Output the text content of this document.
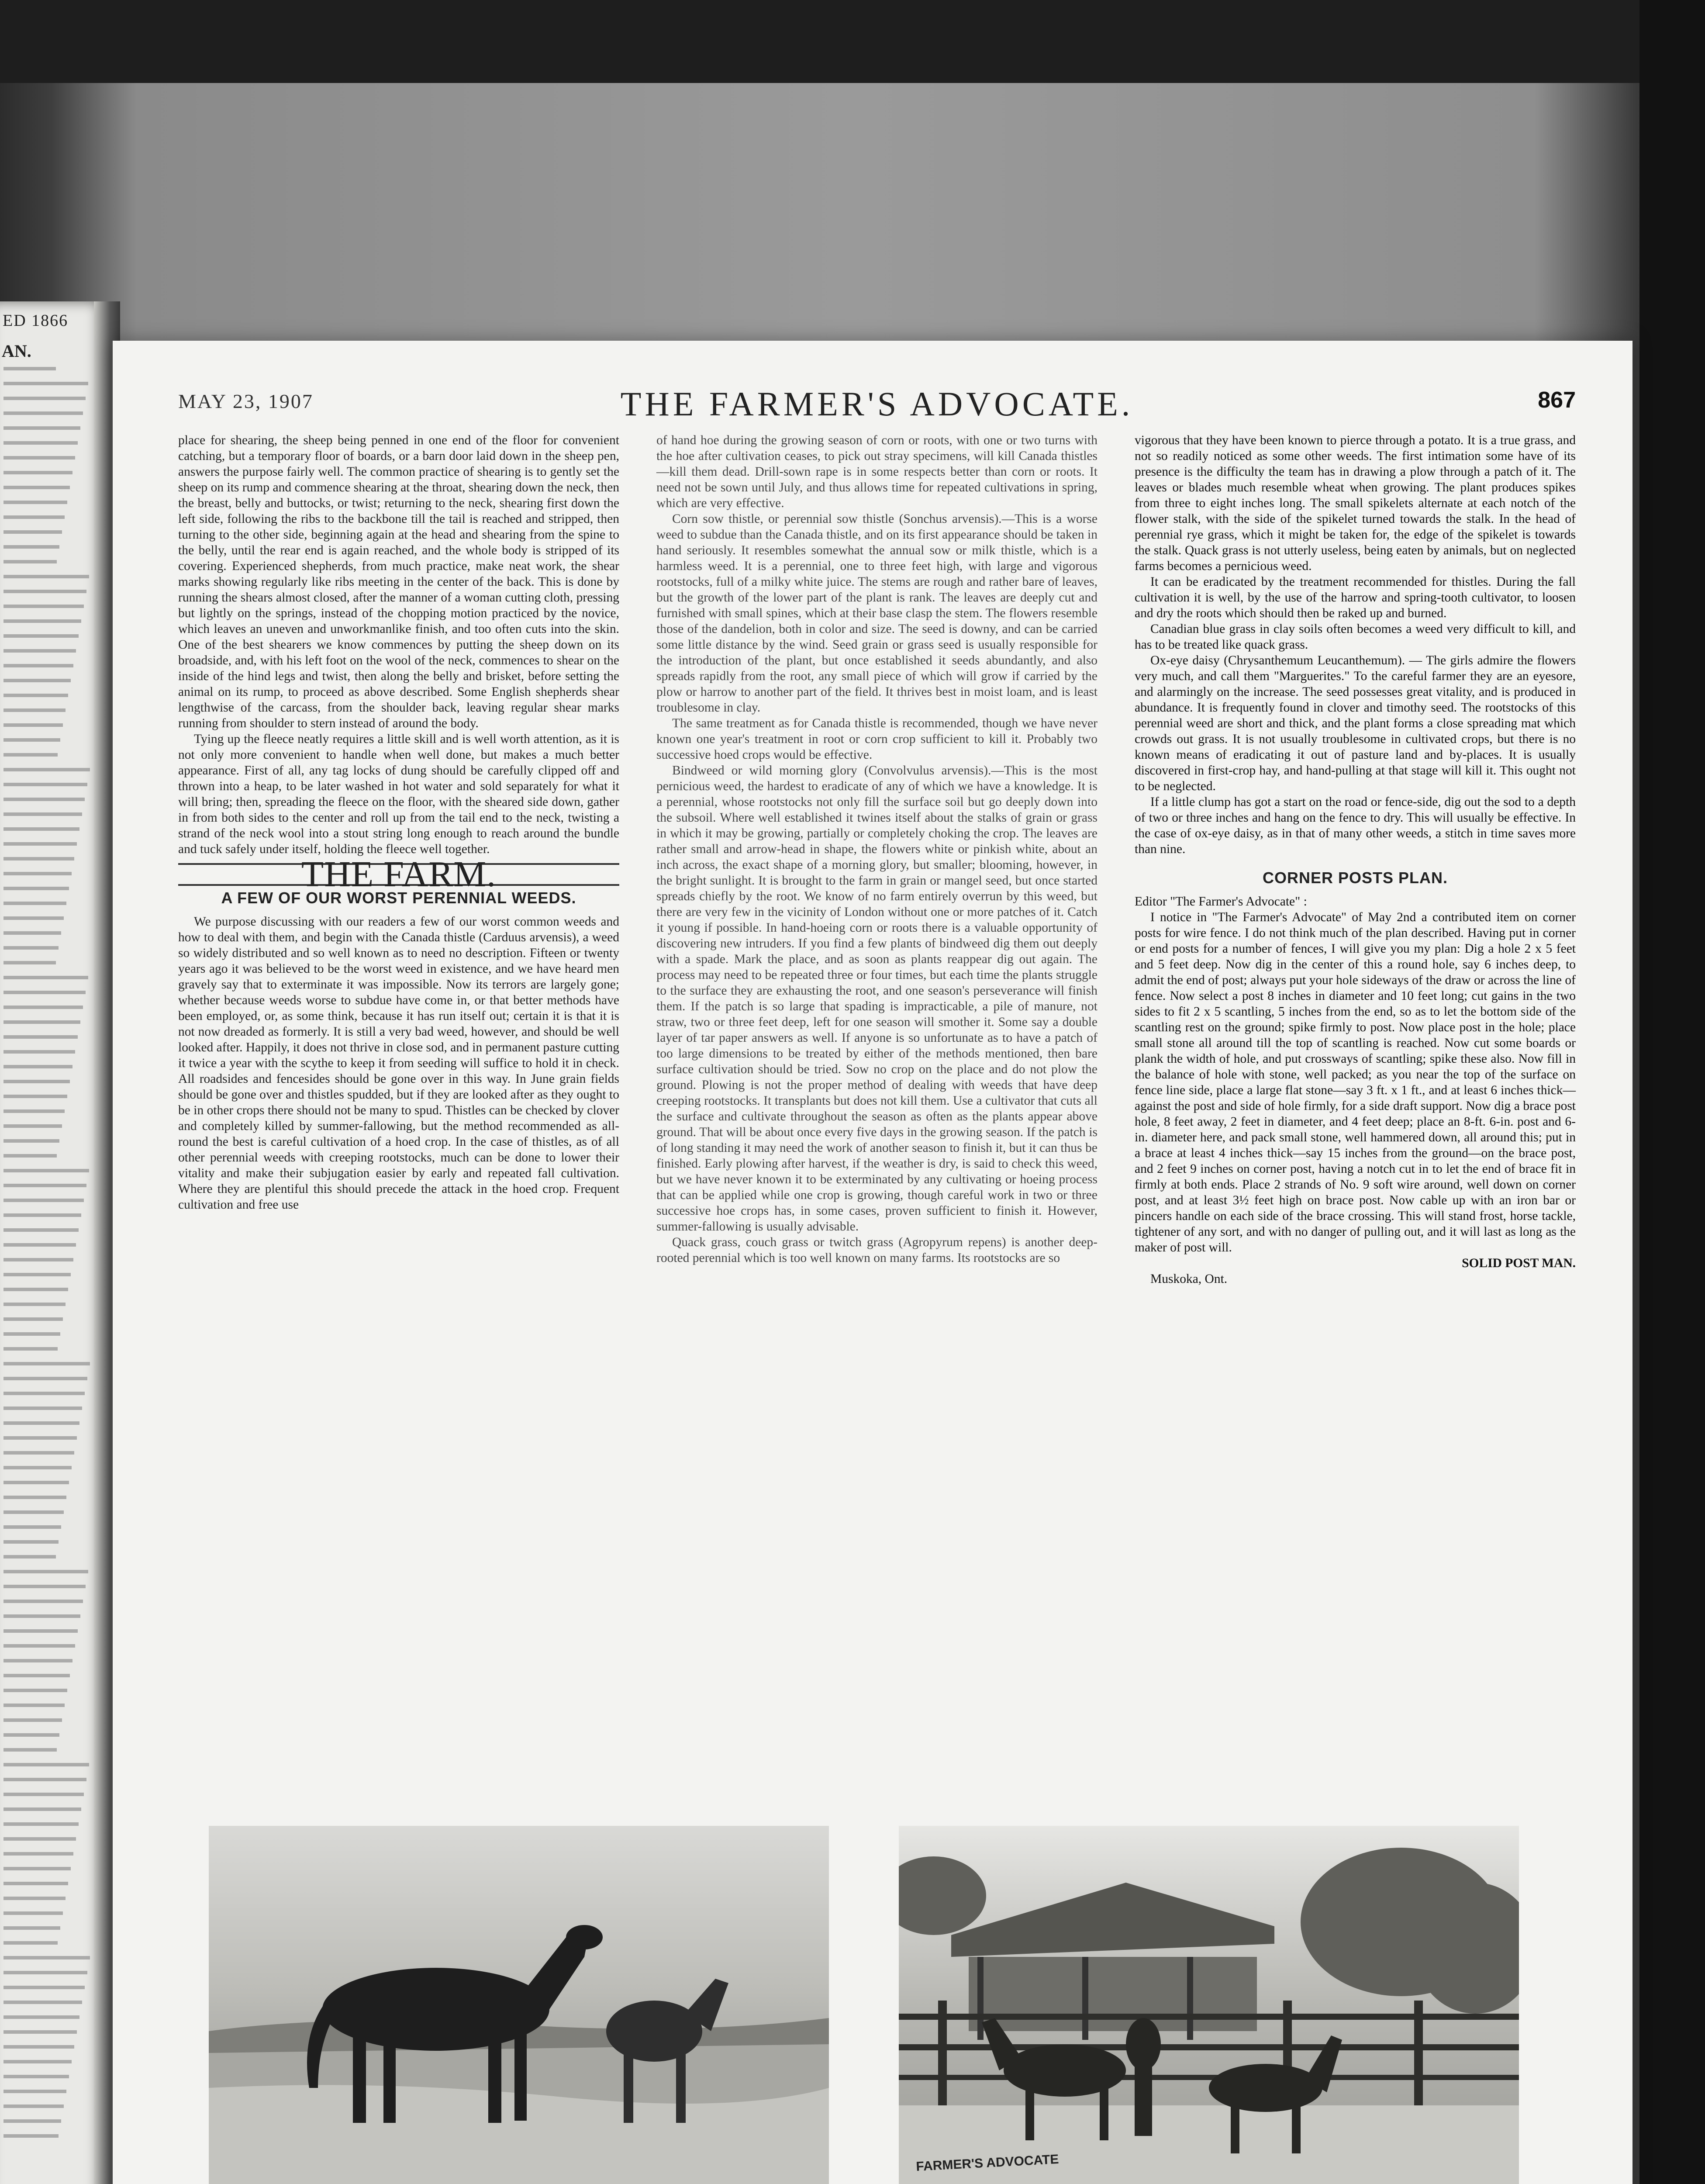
ED 1866
AN.
MAY 23, 1907	THE FARMER'S ADVOCATE.	867

place for shearing, the sheep being penned in one end of the floor for convenient catching, but a temporary floor of boards, or a barn door laid down in the sheep pen, answers the purpose fairly well. The common practice of shearing is to gently set the sheep on its rump and commence shearing at the throat, shearing down the neck, then the breast, belly and buttocks, or twist; returning to the neck, shearing first down the left side, following the ribs to the backbone till the tail is reached and stripped, then turning to the other side, beginning again at the head and shearing from the spine to the belly, until the rear end is again reached, and the whole body is stripped of its covering. Experienced shepherds, from much practice, make neat work, the shear marks showing regularly like ribs meeting in the center of the back. This is done by running the shears almost closed, after the manner of a woman cutting cloth, pressing but lightly on the springs, instead of the chopping motion practiced by the novice, which leaves an uneven and unworkmanlike finish, and too often cuts into the skin. One of the best shearers we know commences by putting the sheep down on its broadside, and, with his left foot on the wool of the neck, commences to shear on the inside of the hind legs and twist, then along the belly and brisket, before setting the animal on its rump, to proceed as above described. Some English shepherds shear lengthwise of the carcass, from the shoulder back, leaving regular shear marks running from shoulder to stern instead of around the body.

Tying up the fleece neatly requires a little skill and is well worth attention, as it is not only more convenient to handle when well done, but makes a much better appearance. First of all, any tag locks of dung should be carefully clipped off and thrown into a heap, to be later washed in hot water and sold separately for what it will bring; then, spreading the fleece on the floor, with the sheared side down, gather in from both sides to the center and roll up from the tail end to the neck, twisting a strand of the neck wool into a stout string long enough to reach around the bundle and tuck safely under itself, holding the fleece well together.

THE FARM.
A FEW OF OUR WORST PERENNIAL WEEDS.

We purpose discussing with our readers a few of our worst common weeds and how to deal with them, and begin with the Canada thistle (Carduus arvensis), a weed so widely distributed and so well known as to need no description. Fifteen or twenty years ago it was believed to be the worst weed in existence, and we have heard men gravely say that to exterminate it was impossible. Now its terrors are largely gone; whether because weeds worse to subdue have come in, or that better methods have been employed, or, as some think, because it has run itself out; certain it is that it is not now dreaded as formerly. It is still a very bad weed, however, and should be well looked after. Happily, it does not thrive in close sod, and in permanent pasture cutting it twice a year with the scythe to keep it from seeding will suffice to hold it in check. All roadsides and fencesides should be gone over in this way. In June grain fields should be gone over and thistles spudded, but if they are looked after as they ought to be in other crops there should not be many to spud. Thistles can be checked by clover and completely killed by summer-fallowing, but the method recommended as all-round the best is careful cultivation of a hoed crop. In the case of thistles, as of all other perennial weeds with creeping rootstocks, much can be done to lower their vitality and make their subjugation easier by early and repeated fall cultivation. Where they are plentiful this should precede the attack in the hoed crop. Frequent cultivation and free use

of hand hoe during the growing season of corn or roots, with one or two turns with the hoe after cultivation ceases, to pick out stray specimens, will kill Canada thistles—kill them dead. Drill-sown rape is in some respects better than corn or roots. It need not be sown until July, and thus allows time for repeated cultivations in spring, which are very effective.

Corn sow thistle, or perennial sow thistle (Sonchus arvensis).—This is a worse weed to subdue than the Canada thistle, and on its first appearance should be taken in hand seriously. It resembles somewhat the annual sow or milk thistle, which is a harmless weed. It is a perennial, one to three feet high, with large and vigorous rootstocks, full of a milky white juice. The stems are rough and rather bare of leaves, but the growth of the lower part of the plant is rank. The leaves are deeply cut and furnished with small spines, which at their base clasp the stem. The flowers resemble those of the dandelion, both in color and size. The seed is downy, and can be carried some little distance by the wind. Seed grain or grass seed is usually responsible for the introduction of the plant, but once established it seeds abundantly, and also spreads rapidly from the root, any small piece of which will grow if carried by the plow or harrow to another part of the field. It thrives best in moist loam, and is least troublesome in clay.

The same treatment as for Canada thistle is recommended, though we have never known one year's treatment in root or corn crop sufficient to kill it. Probably two successive hoed crops would be effective.

Bindweed or wild morning glory (Convolvulus arvensis).—This is the most pernicious weed, the hardest to eradicate of any of which we have a knowledge. It is a perennial, whose rootstocks not only fill the surface soil but go deeply down into the subsoil. Where well established it twines itself about the stalks of grain or grass in which it may be growing, partially or completely choking the crop. The leaves are rather small and arrow-head in shape, the flowers white or pinkish white, about an inch across, the exact shape of a morning glory, but smaller; blooming, however, in the bright sunlight. It is brought to the farm in grain or mangel seed, but once started spreads chiefly by the root. We know of no farm entirely overrun by this weed, but there are very few in the vicinity of London without one or more patches of it. Catch it young if possible. In hand-hoeing corn or roots there is a valuable opportunity of discovering new intruders. If you find a few plants of bindweed dig them out deeply with a spade. Mark the place, and as soon as plants reappear dig out again. The process may need to be repeated three or four times, but each time the plants struggle to the surface they are exhausting the root, and one season's perseverance will finish them. If the patch is so large that spading is impracticable, a pile of manure, not straw, two or three feet deep, left for one season will smother it. Some say a double layer of tar paper answers as well. If anyone is so unfortunate as to have a patch of too large dimensions to be treated by either of the methods mentioned, then bare surface cultivation should be tried. Sow no crop on the place and do not plow the ground. Plowing is not the proper method of dealing with weeds that have deep creeping rootstocks. It transplants but does not kill them. Use a cultivator that cuts all the surface and cultivate throughout the season as often as the plants appear above ground. That will be about once every five days in the growing season. If the patch is of long standing it may need the work of another season to finish it, but it can thus be finished. Early plowing after harvest, if the weather is dry, is said to check this weed, but we have never known it to be exterminated by any cultivating or hoeing process that can be applied while one crop is growing, though careful work in two or three successive hoe crops has, in some cases, proven sufficient to finish it. However, summer-fallowing is usually advisable.

Quack grass, couch grass or twitch grass (Agropyrum repens) is another deep-rooted perennial which is too well known on many farms. Its rootstocks are so

vigorous that they have been known to pierce through a potato. It is a true grass, and not so readily noticed as some other weeds. The first intimation some have of its presence is the difficulty the team has in drawing a plow through a patch of it. The leaves or blades much resemble wheat when growing. The plant produces spikes from three to eight inches long. The small spikelets alternate at each notch of the flower stalk, with the side of the spikelet turned towards the stalk. In the head of perennial rye grass, which it might be taken for, the edge of the spikelet is towards the stalk. Quack grass is not utterly useless, being eaten by animals, but on neglected farms becomes a pernicious weed.

It can be eradicated by the treatment recommended for thistles. During the fall cultivation it is well, by the use of the harrow and spring-tooth cultivator, to loosen and dry the roots which should then be raked up and burned.

Canadian blue grass in clay soils often becomes a weed very difficult to kill, and has to be treated like quack grass.

Ox-eye daisy (Chrysanthemum Leucanthemum). — The girls admire the flowers very much, and call them "Marguerites." To the careful farmer they are an eyesore, and alarmingly on the increase. The seed possesses great vitality, and is produced in abundance. It is frequently found in clover and timothy seed. The rootstocks of this perennial weed are short and thick, and the plant forms a close spreading mat which crowds out grass. It is not usually troublesome in cultivated crops, but there is no known means of eradicating it out of pasture land and by-places. It is usually discovered in first-crop hay, and hand-pulling at that stage will kill it. This ought not to be neglected.

If a little clump has got a start on the road or fence-side, dig out the sod to a depth of two or three inches and hang on the fence to dry. This will usually be effective. In the case of ox-eye daisy, as in that of many other weeds, a stitch in time saves more than nine.

CORNER POSTS PLAN.

Editor "The Farmer's Advocate" :

I notice in "The Farmer's Advocate" of May 2nd a contributed item on corner posts for wire fence. I do not think much of the plan described. Having put in corner or end posts for a number of fences, I will give you my plan: Dig a hole 2 x 5 feet and 5 feet deep. Now dig in the center of this a round hole, say 6 inches deep, to admit the end of post; always put your hole sideways of the draw or across the line of fence. Now select a post 8 inches in diameter and 10 feet long; cut gains in the two sides to fit 2 x 5 scantling, 5 inches from the end, so as to let the bottom side of the scantling rest on the ground; spike firmly to post. Now place post in the hole; place small stone all around till the top of scantling is reached. Now cut some boards or plank the width of hole, and put crossways of scantling; spike these also. Now fill in the balance of hole with stone, well packed; as you near the top of the surface on fence line side, place a large flat stone—say 3 ft. x 1 ft., and at least 6 inches thick—against the post and side of hole firmly, for a side draft support. Now dig a brace post hole, 8 feet away, 2 feet in diameter, and 4 feet deep; place an 8-ft. 6-in. post and 6-in. diameter here, and pack small stone, well hammered down, all around this; put in a brace at least 4 inches thick—say 15 inches from the ground—on the brace post, and 2 feet 9 inches on corner post, having a notch cut in to let the end of brace fit in firmly at both ends. Place 2 strands of No. 9 soft wire around, well down on corner post, and at least 3½ feet high on brace post. Now cable up with an iron bar or pincers handle on each side of the brace crossing. This will stand frost, horse tackle, tightener of any sort, and with no danger of pulling out, and it will last as long as the maker of post will.

SOLID POST MAN.

Muskoka, Ont.

FARMER'S ADVOCATE
